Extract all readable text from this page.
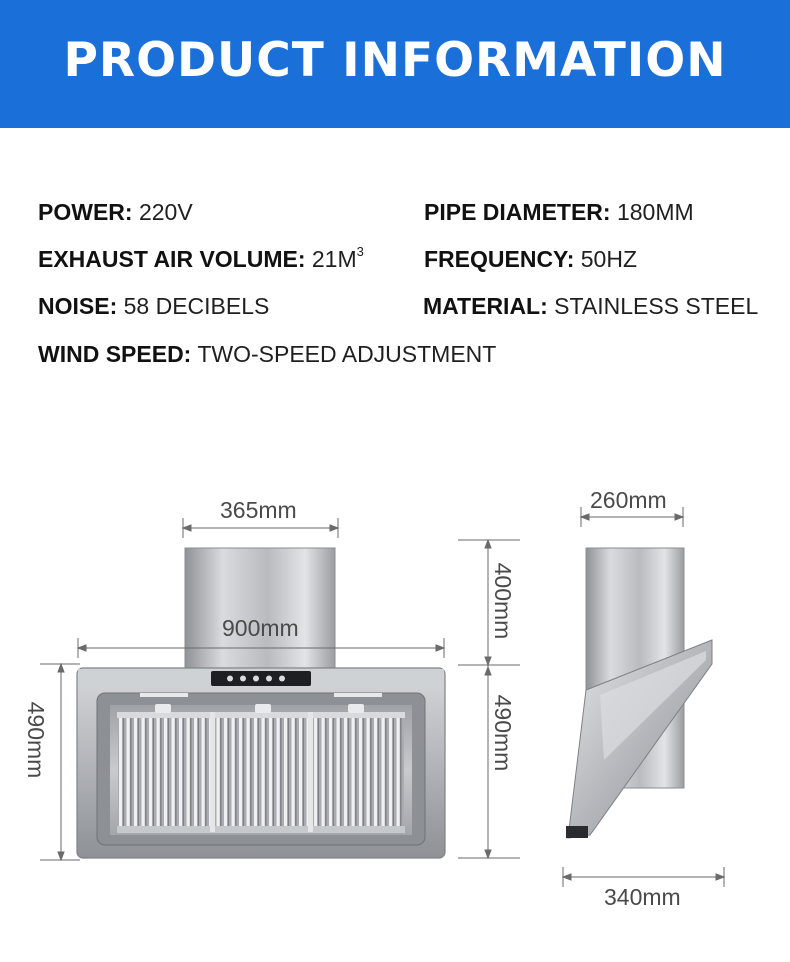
PRODUCT INFORMATION
POWER: 220V	PIPE DIAMETER: 180MM
EXHAUST AIR VOLUME: $21M^3$	FREQUENCY: 50HZ
NOISE: 58 DECIBELS	MATERIAL: STAINLESS STEEL
WIND SPEED: TWO-SPEED ADJUSTMENT
365mm
900mm
490mm
400mm
490mm
260mm
340mm
